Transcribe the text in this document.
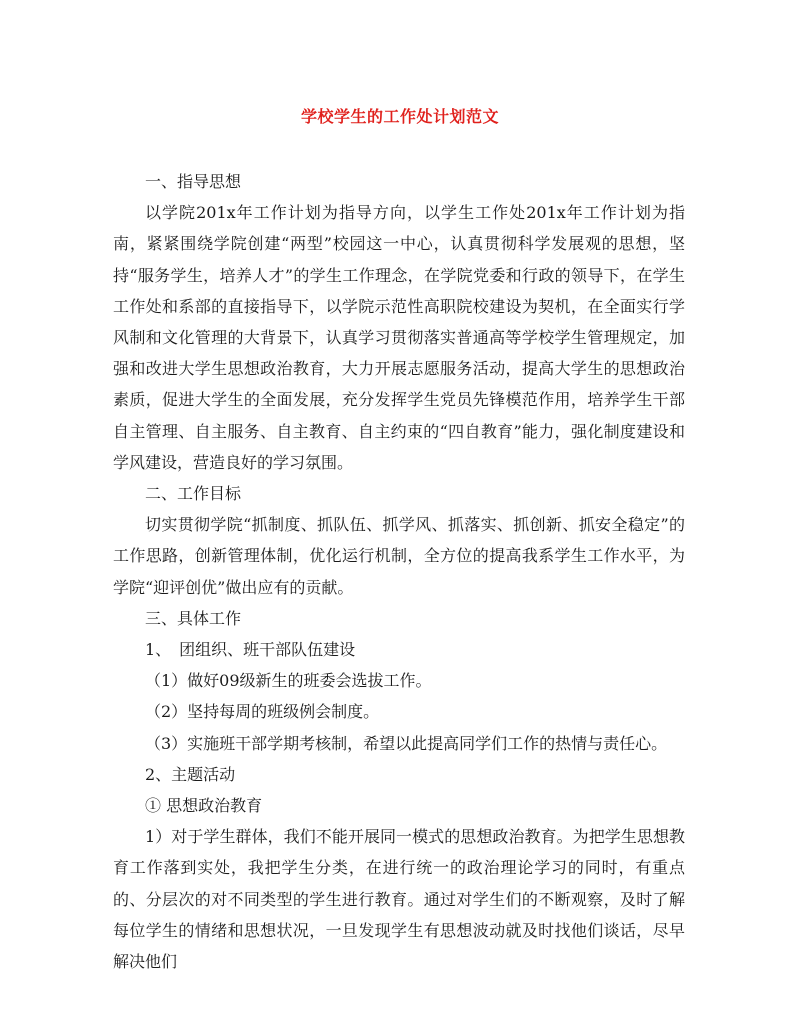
学校学生的工作处计划范文

一、指导思想

以学院201x年工作计划为指导方向，以学生工作处201x年工作计划为指南，紧紧围绕学院创建“两型”校园这一中心，认真贯彻科学发展观的思想，坚持“服务学生，培养人才”的学生工作理念，在学院党委和行政的领导下，在学生工作处和系部的直接指导下，以学院示范性高职院校建设为契机，在全面实行学风制和文化管理的大背景下，认真学习贯彻落实普通高等学校学生管理规定，加强和改进大学生思想政治教育，大力开展志愿服务活动，提高大学生的思想政治素质，促进大学生的全面发展，充分发挥学生党员先锋模范作用，培养学生干部自主管理、自主服务、自主教育、自主约束的“四自教育”能力，强化制度建设和学风建设，营造良好的学习氛围。

二、工作目标

切实贯彻学院“抓制度、抓队伍、抓学风、抓落实、抓创新、抓安全稳定”的工作思路，创新管理体制，优化运行机制，全方位的提高我系学生工作水平，为学院“迎评创优”做出应有的贡献。

三、具体工作

1、　团组织、班干部队伍建设

（1）做好09级新生的班委会选拔工作。

（2）坚持每周的班级例会制度。

（3）实施班干部学期考核制，希望以此提高同学们工作的热情与责任心。

2、主题活动

① 思想政治教育

1）对于学生群体，我们不能开展同一模式的思想政治教育。为把学生思想教育工作落到实处，我把学生分类，在进行统一的政治理论学习的同时，有重点的、分层次的对不同类型的学生进行教育。通过对学生们的不断观察，及时了解每位学生的情绪和思想状况，一旦发现学生有思想波动就及时找他们谈话，尽早解决他们
